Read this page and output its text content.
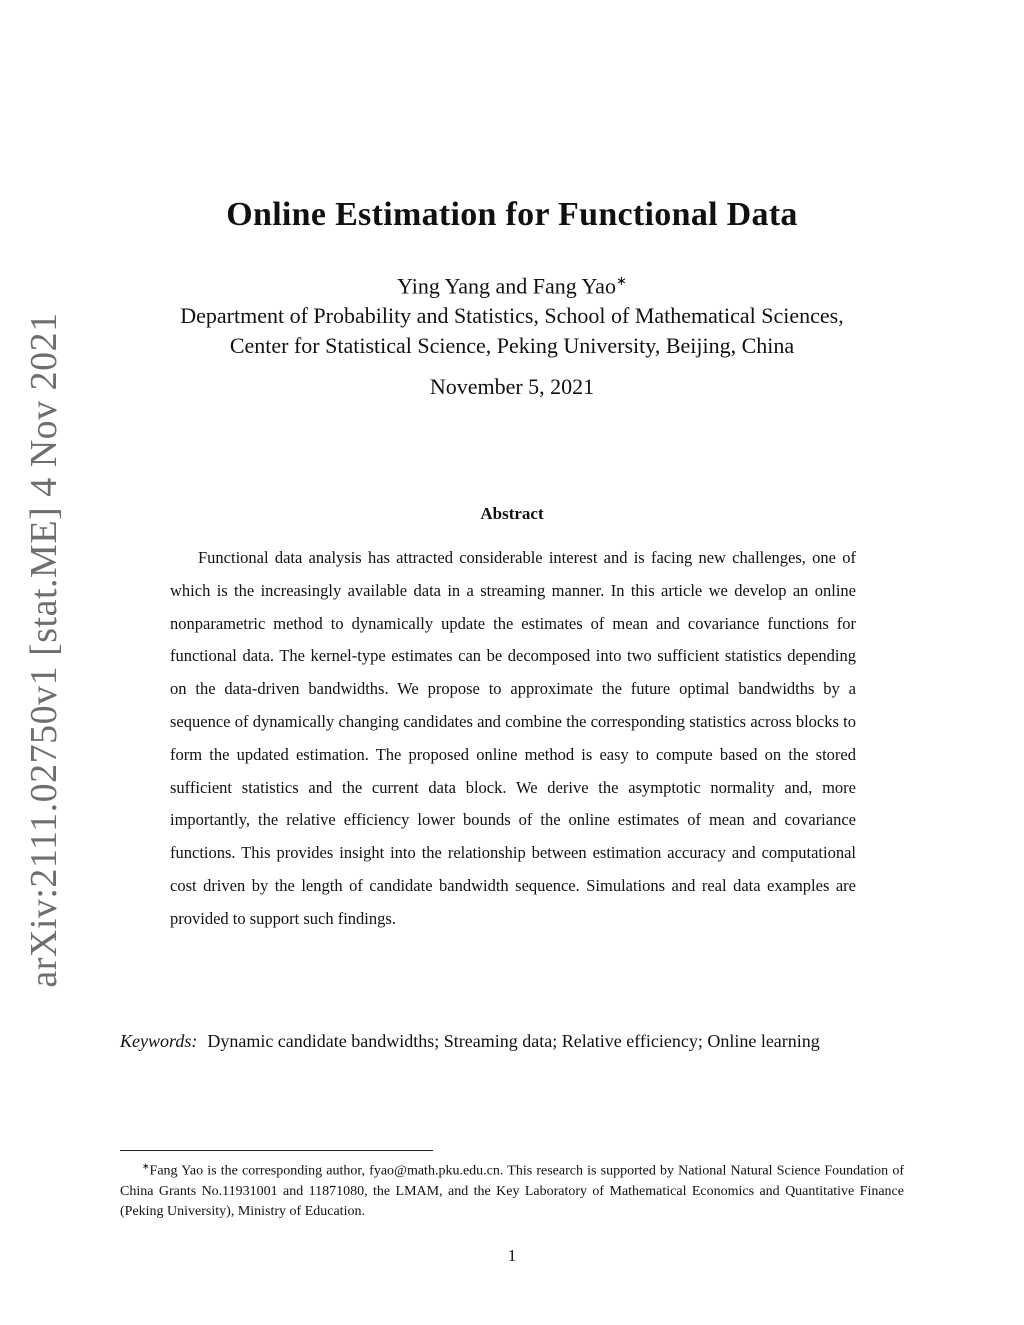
arXiv:2111.02750v1 [stat.ME] 4 Nov 2021
Online Estimation for Functional Data
Ying Yang and Fang Yao∗
Department of Probability and Statistics, School of Mathematical Sciences,
Center for Statistical Science, Peking University, Beijing, China
November 5, 2021
Abstract

Functional data analysis has attracted considerable interest and is facing new challenges, one of which is the increasingly available data in a streaming manner. In this article we develop an online nonparametric method to dynamically update the estimates of mean and covariance functions for functional data. The kernel-type estimates can be decomposed into two sufficient statistics depending on the data-driven bandwidths. We propose to approximate the future optimal bandwidths by a sequence of dynamically changing candidates and combine the corresponding statistics across blocks to form the updated estimation. The proposed online method is easy to compute based on the stored sufficient statistics and the current data block. We derive the asymptotic normality and, more importantly, the relative efficiency lower bounds of the online estimates of mean and covariance functions. This provides insight into the relationship between estimation accuracy and computational cost driven by the length of candidate bandwidth sequence. Simulations and real data examples are provided to support such findings.

Keywords: Dynamic candidate bandwidths; Streaming data; Relative efficiency; Online learning

∗Fang Yao is the corresponding author, fyao@math.pku.edu.cn. This research is supported by National Natural Science Foundation of China Grants No.11931001 and 11871080, the LMAM, and the Key Laboratory of Mathematical Economics and Quantitative Finance (Peking University), Ministry of Education.

1
